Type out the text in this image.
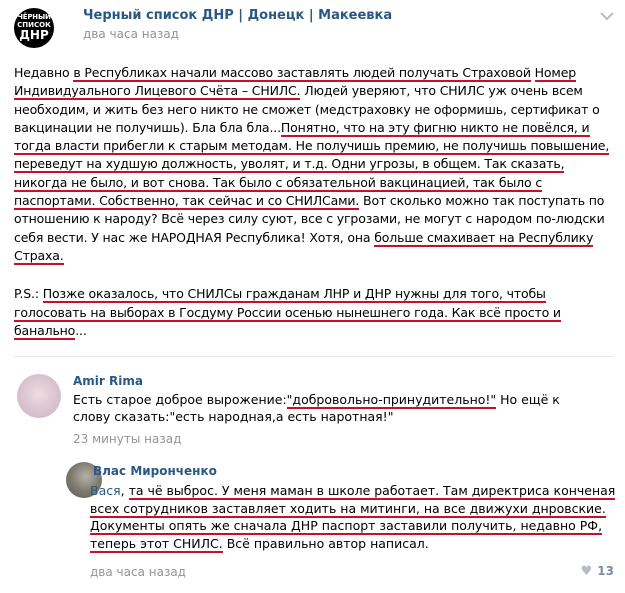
ЧЁРНЫЙ
СПИСОК
ДНР
Черный список ДНР | Донецк | Макеевка
два часа назад

Недавно в Республиках начали массово заставлять людей получать Страховой Номер Индивидуального Лицевого Счёта – СНИЛС. Людей уверяют, что СНИЛС уж очень всем необходим, и жить без него никто не сможет (медстраховку не оформишь, сертификат о вакцинации не получишь). Бла бла бла...Понятно, что на эту фигню никто не повёлся, и тогда власти прибегли к старым методам. Не получишь премию, не получишь повышение, переведут на худшую должность, уволят, и т.д. Одни угрозы, в общем. Так сказать, никогда не было, и вот снова. Так было с обязательной вакцинацией, так было с паспортами. Собственно, так сейчас и со СНИЛСами. Вот сколько можно так поступать по отношению к народу? Всё через силу суют, все с угрозами, не могут с народом по-людски себя вести. У нас же НАРОДНАЯ Республика! Хотя, она больше смахивает на Республику Страха.

P.S.: Позже оказалось, что СНИЛСы гражданам ЛНР и ДНР нужны для того, чтобы голосовать на выборах в Госдуму России осенью нынешнего года. Как всё просто и банально...

Amir Rima
Есть старое доброе вырожение:"добровольно-принудительно!" Но ещё к слову сказать:"есть народная,а есть наротная!"
23 минуты назад
Влас Миронченко
Вася, та чё выброс. У меня маман в школе работает. Там директриса конченая всех сотрудников заставляет ходить на митинги, на все движухи днровские. Документы опять же сначала ДНР паспорт заставили получить, недавно РФ, теперь этот СНИЛС. Всё правильно автор написал.
два часа назад	♥ 13
